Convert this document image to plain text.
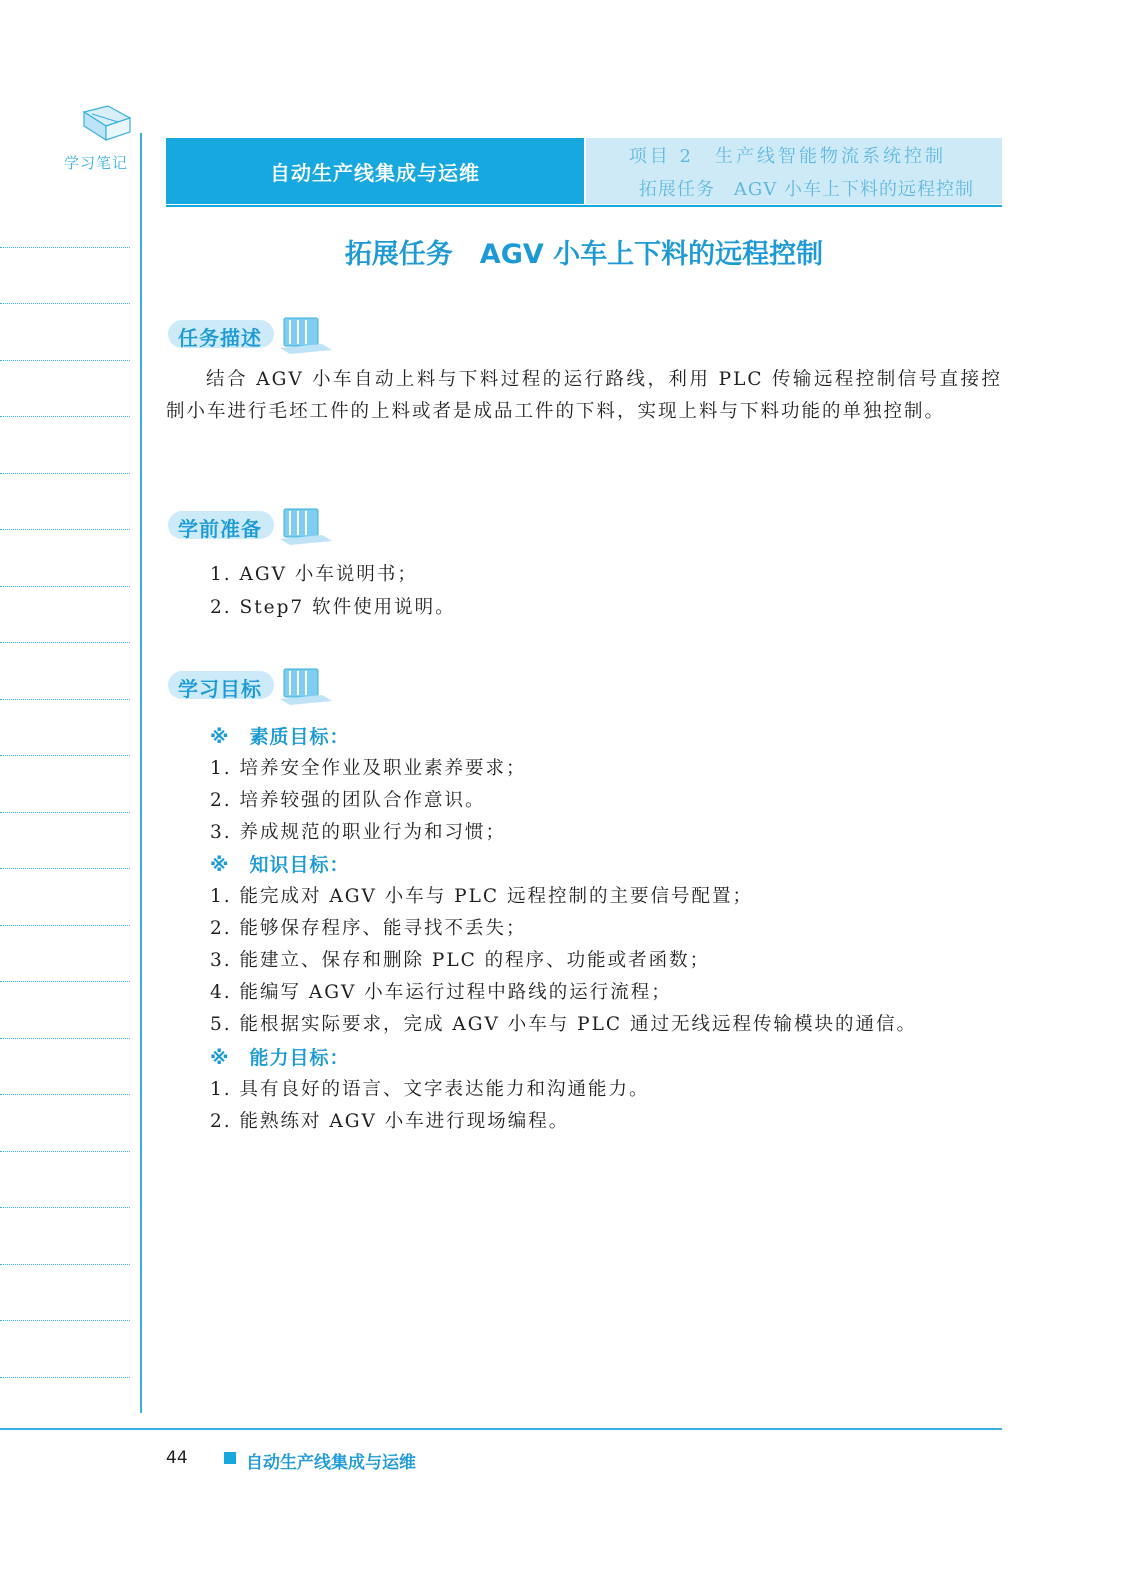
学习笔记	自动生产线集成与运维
项目 2　生产线智能物流系统控制
拓展任务　AGV 小车上下料的远程控制
拓展任务　AGV 小车上下料的远程控制
任务描述
结合 AGV 小车自动上料与下料过程的运行路线，利用 PLC 传输远程控制信号直接控制小车进行毛坯工件的上料或者是成品工件的下料，实现上料与下料功能的单独控制。
学前准备
1. AGV 小车说明书；
2. Step7 软件使用说明。
学习目标
※　素质目标：
1. 培养安全作业及职业素养要求；
2. 培养较强的团队合作意识。
3. 养成规范的职业行为和习惯；
※　知识目标：
1. 能完成对 AGV 小车与 PLC 远程控制的主要信号配置；
2. 能够保存程序、能寻找不丢失；
3. 能建立、保存和删除 PLC 的程序、功能或者函数；
4. 能编写 AGV 小车运行过程中路线的运行流程；
5. 能根据实际要求，完成 AGV 小车与 PLC 通过无线远程传输模块的通信。
※　能力目标：
1. 具有良好的语言、文字表达能力和沟通能力。
2. 能熟练对 AGV 小车进行现场编程。
44	自动生产线集成与运维
